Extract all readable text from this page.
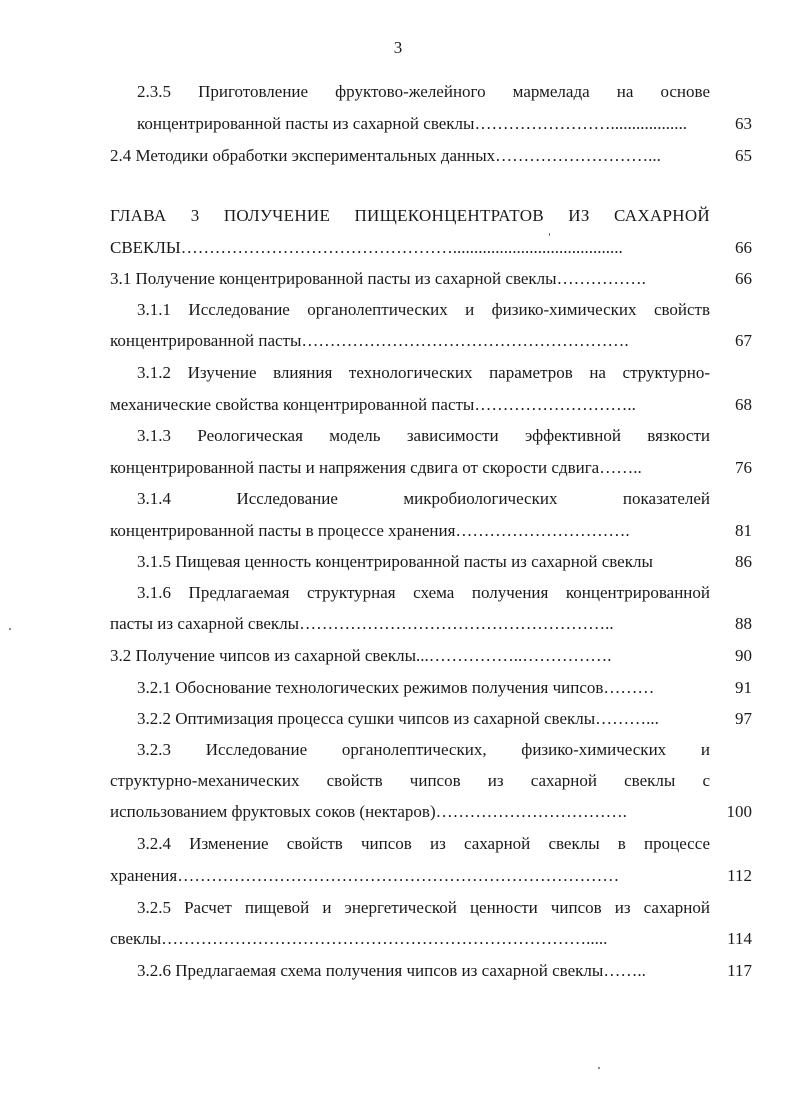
3
2.3.5 Приготовление фруктово-желейного мармелада на основе
концентрированной пасты из сахарной свеклы……………………..................	63
2.4 Методики обработки экспериментальных данных………………………...	65
ГЛАВА 3 ПОЛУЧЕНИЕ ПИЩЕКОНЦЕНТРАТОВ ИЗ САХАРНОЙ
СВЕКЛЫ…………………………………………........................................	66
3.1 Получение концентрированной пасты из сахарной свеклы…………….	66
3.1.1 Исследование органолептических и физико-химических свойств
концентрированной пасты………………………………………………….	67
3.1.2 Изучение влияния технологических параметров на структурно-
механические свойства концентрированной пасты………………………..	68
3.1.3 Реологическая модель зависимости эффективной вязкости
концентрированной пасты и напряжения сдвига от скорости сдвига……..	76
3.1.4 Исследование микробиологических показателей
концентрированной пасты в процессе хранения………………………….	81
3.1.5 Пищевая ценность концентрированной пасты из сахарной свеклы	86
3.1.6 Предлагаемая структурная схема получения концентрированной
пасты из сахарной свеклы………………………………………………..	88
3.2 Получение чипсов из сахарной свеклы...……………..…………….	90
3.2.1 Обоснование технологических режимов получения чипсов………	91
3.2.2 Оптимизация процесса сушки чипсов из сахарной свеклы………...	97
3.2.3 Исследование органолептических, физико-химических и
структурно-механических свойств чипсов из сахарной свеклы с
использованием фруктовых соков (нектаров)…………………………….	100
3.2.4 Изменение свойств чипсов из сахарной свеклы в процессе
хранения……………………………………………………………………	112
3.2.5 Расчет пищевой и энергетической ценности чипсов из сахарной
свеклы………………………………………………………………….....	114
3.2.6 Предлагаемая схема получения чипсов из сахарной свеклы……..	117
